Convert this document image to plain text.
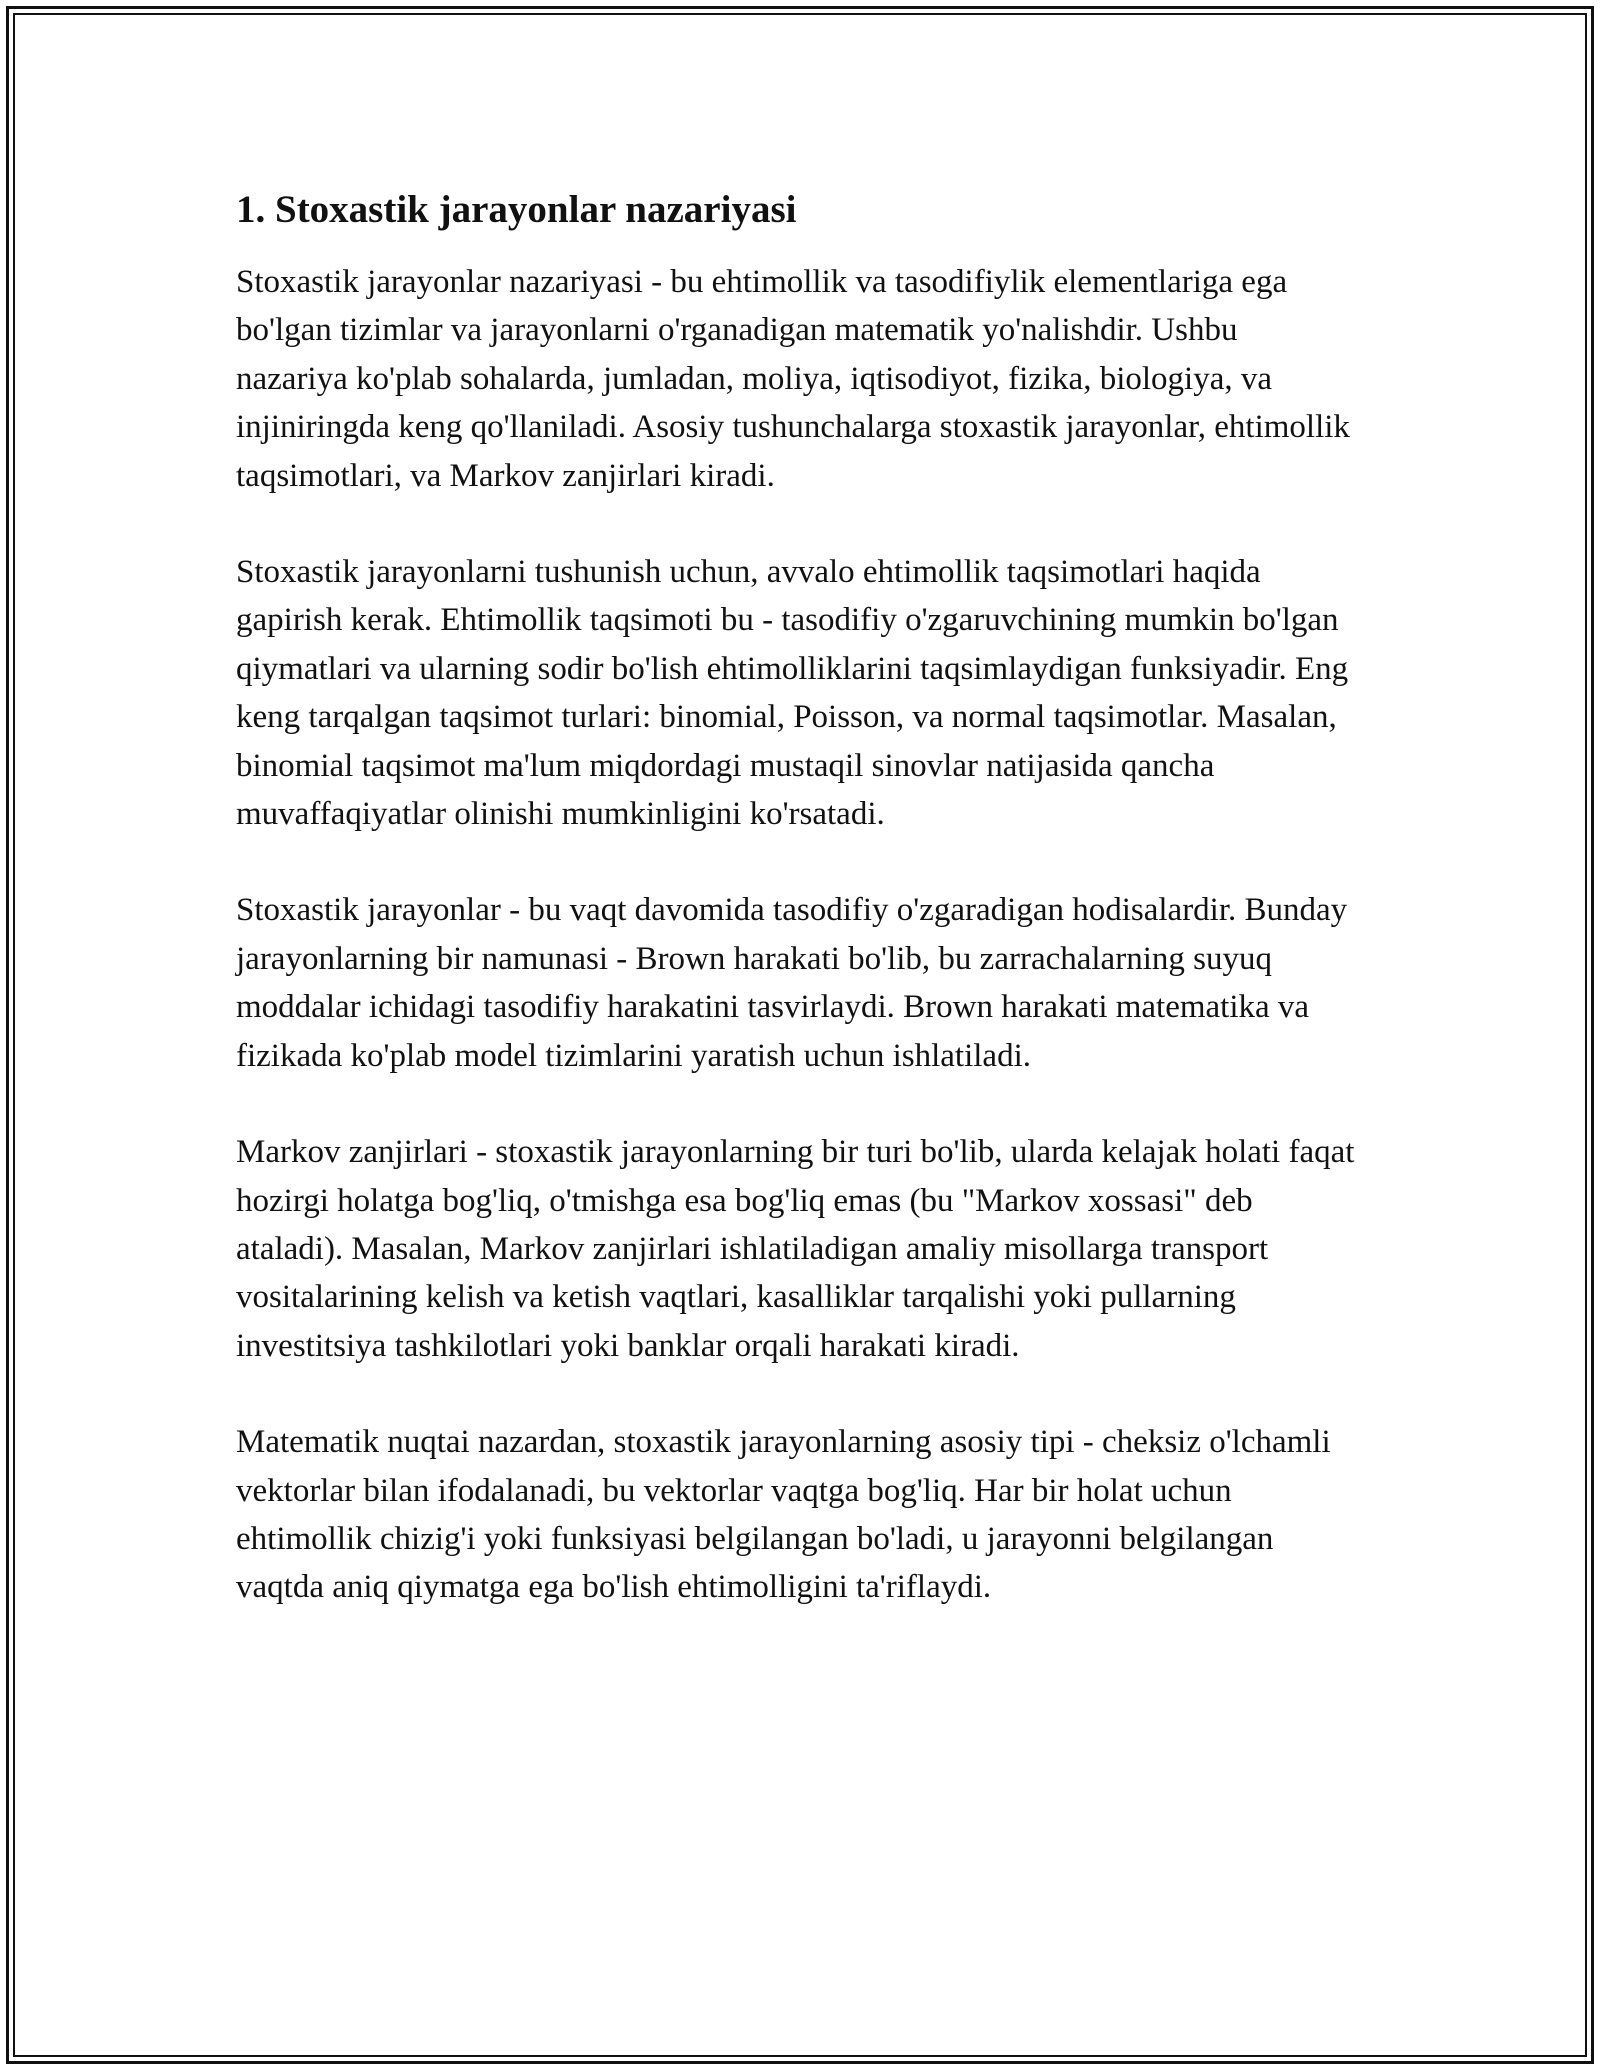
1. Stoxastik jarayonlar nazariyasi

Stoxastik jarayonlar nazariyasi - bu ehtimollik va tasodifiylik elementlariga ega bo'lgan tizimlar va jarayonlarni o'rganadigan matematik yo'nalishdir. Ushbu nazariya ko'plab sohalarda, jumladan, moliya, iqtisodiyot, fizika, biologiya, va injiniringda keng qo'llaniladi. Asosiy tushunchalarga stoxastik jarayonlar, ehtimollik taqsimotlari, va Markov zanjirlari kiradi.

Stoxastik jarayonlarni tushunish uchun, avvalo ehtimollik taqsimotlari haqida gapirish kerak. Ehtimollik taqsimoti bu - tasodifiy o'zgaruvchining mumkin bo'lgan qiymatlari va ularning sodir bo'lish ehtimolliklarini taqsimlaydigan funksiyadir. Eng keng tarqalgan taqsimot turlari: binomial, Poisson, va normal taqsimotlar. Masalan, binomial taqsimot ma'lum miqdordagi mustaqil sinovlar natijasida qancha muvaffaqiyatlar olinishi mumkinligini ko'rsatadi.

Stoxastik jarayonlar - bu vaqt davomida tasodifiy o'zgaradigan hodisalardir. Bunday jarayonlarning bir namunasi - Brown harakati bo'lib, bu zarrachalarning suyuq moddalar ichidagi tasodifiy harakatini tasvirlaydi. Brown harakati matematika va fizikada ko'plab model tizimlarini yaratish uchun ishlatiladi.

Markov zanjirlari - stoxastik jarayonlarning bir turi bo'lib, ularda kelajak holati faqat hozirgi holatga bog'liq, o'tmishga esa bog'liq emas (bu "Markov xossasi" deb ataladi). Masalan, Markov zanjirlari ishlatiladigan amaliy misollarga transport vositalarining kelish va ketish vaqtlari, kasalliklar tarqalishi yoki pullarning investitsiya tashkilotlari yoki banklar orqali harakati kiradi.

Matematik nuqtai nazardan, stoxastik jarayonlarning asosiy tipi - cheksiz o'lchamli vektorlar bilan ifodalanadi, bu vektorlar vaqtga bog'liq. Har bir holat uchun ehtimollik chizig'i yoki funksiyasi belgilangan bo'ladi, u jarayonni belgilangan vaqtda aniq qiymatga ega bo'lish ehtimolligini ta'riflaydi.
